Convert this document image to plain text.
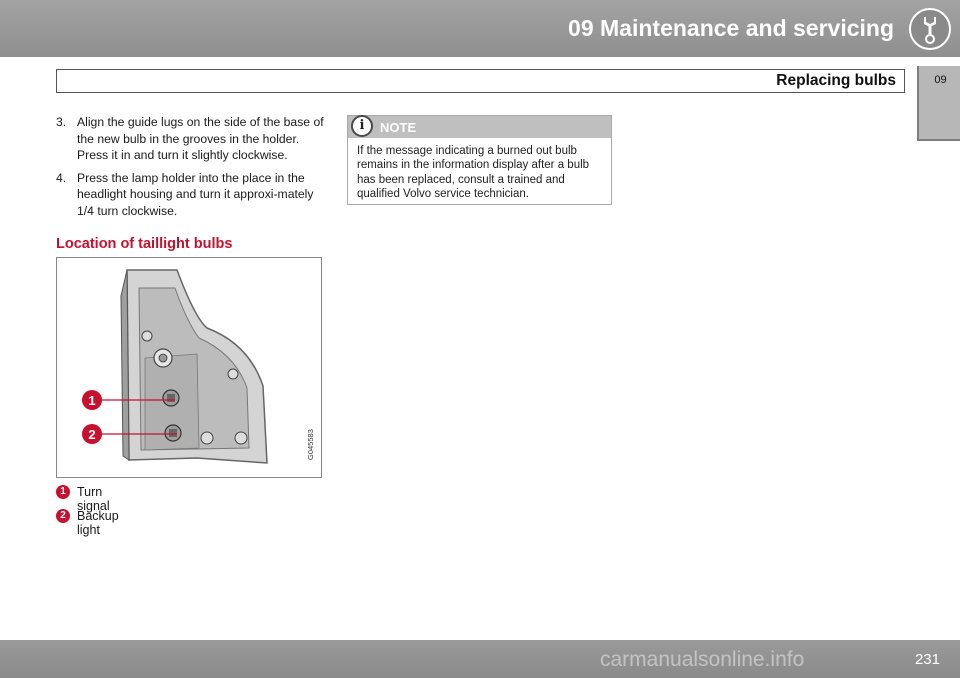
09 Maintenance and servicing
Replacing bulbs	09
3. Align the guide lugs on the side of the base of the new bulb in the grooves in the holder. Press it in and turn it slightly clockwise.
4. Press the lamp holder into the place in the headlight housing and turn it approxi-mately 1/4 turn clockwise.
Location of taillight bulbs
1
2	G045583
1 Turn signal
2 Backup light
i	NOTE
If the message indicating a burned out bulb remains in the information display after a bulb has been replaced, consult a trained and qualified Volvo service technician.
231
carmanualsonline.info
